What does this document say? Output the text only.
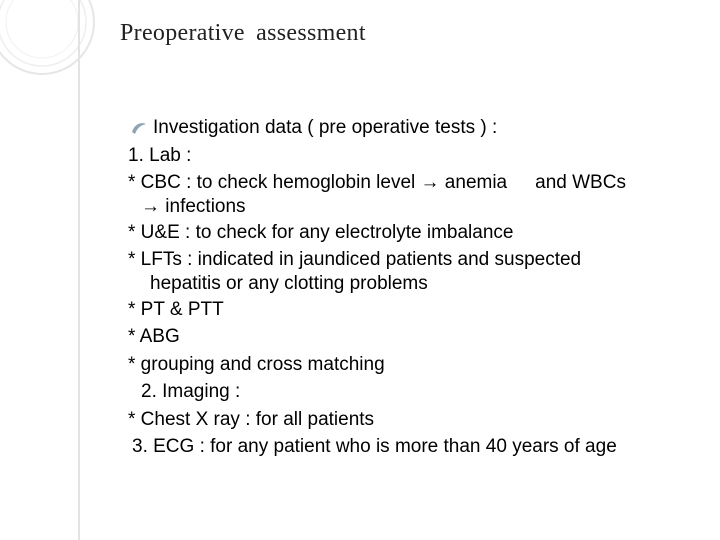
Preoperative assessment
Investigation data ( pre operative tests ) :
1. Lab :
* CBC : to check hemoglobin level → anemia and WBCs
→ infections
* U&E : to check for any electrolyte imbalance
* LFTs : indicated in jaundiced patients and suspected
hepatitis or any clotting problems
* PT & PTT
* ABG
* grouping and cross matching
2. Imaging :
* Chest X ray : for all patients
3. ECG : for any patient who is more than 40 years of age
